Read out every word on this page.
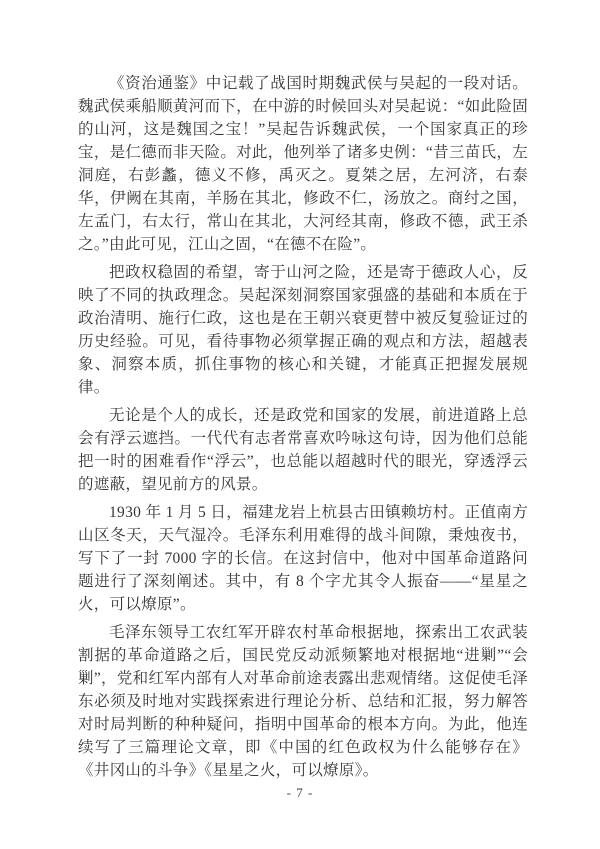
《资治通鉴》中记载了战国时期魏武侯与吴起的一段对话。魏武侯乘船顺黄河而下，在中游的时候回头对吴起说：“如此险固的山河，这是魏国之宝！”吴起告诉魏武侯，一个国家真正的珍宝，是仁德而非天险。对此，他列举了诸多史例：“昔三苗氏，左洞庭，右彭蠡，德义不修，禹灭之。夏桀之居，左河济，右泰华，伊阙在其南，羊肠在其北，修政不仁，汤放之。商纣之国，左孟门，右太行，常山在其北，大河经其南，修政不德，武王杀之。”由此可见，江山之固，“在德不在险”。

把政权稳固的希望，寄于山河之险，还是寄于德政人心，反映了不同的执政理念。吴起深刻洞察国家强盛的基础和本质在于政治清明、施行仁政，这也是在王朝兴衰更替中被反复验证过的历史经验。可见，看待事物必须掌握正确的观点和方法，超越表象、洞察本质，抓住事物的核心和关键，才能真正把握发展规律。

无论是个人的成长，还是政党和国家的发展，前进道路上总会有浮云遮挡。一代代有志者常喜欢吟咏这句诗，因为他们总能把一时的困难看作“浮云”，也总能以超越时代的眼光，穿透浮云的遮蔽，望见前方的风景。

1930 年 1 月 5 日，福建龙岩上杭县古田镇赖坊村。正值南方山区冬天，天气湿冷。毛泽东利用难得的战斗间隙，秉烛夜书，写下了一封 7000 字的长信。在这封信中，他对中国革命道路问题进行了深刻阐述。其中，有 8 个字尤其令人振奋——“星星之火，可以燎原”。

毛泽东领导工农红军开辟农村革命根据地，探索出工农武装割据的革命道路之后，国民党反动派频繁地对根据地“进剿”“会剿”，党和红军内部有人对革命前途表露出悲观情绪。这促使毛泽东必须及时地对实践探索进行理论分析、总结和汇报，努力解答对时局判断的种种疑问，指明中国革命的根本方向。为此，他连续写了三篇理论文章，即《中国的红色政权为什么能够存在》《井冈山的斗争》《星星之火，可以燎原》。

- 7 -
